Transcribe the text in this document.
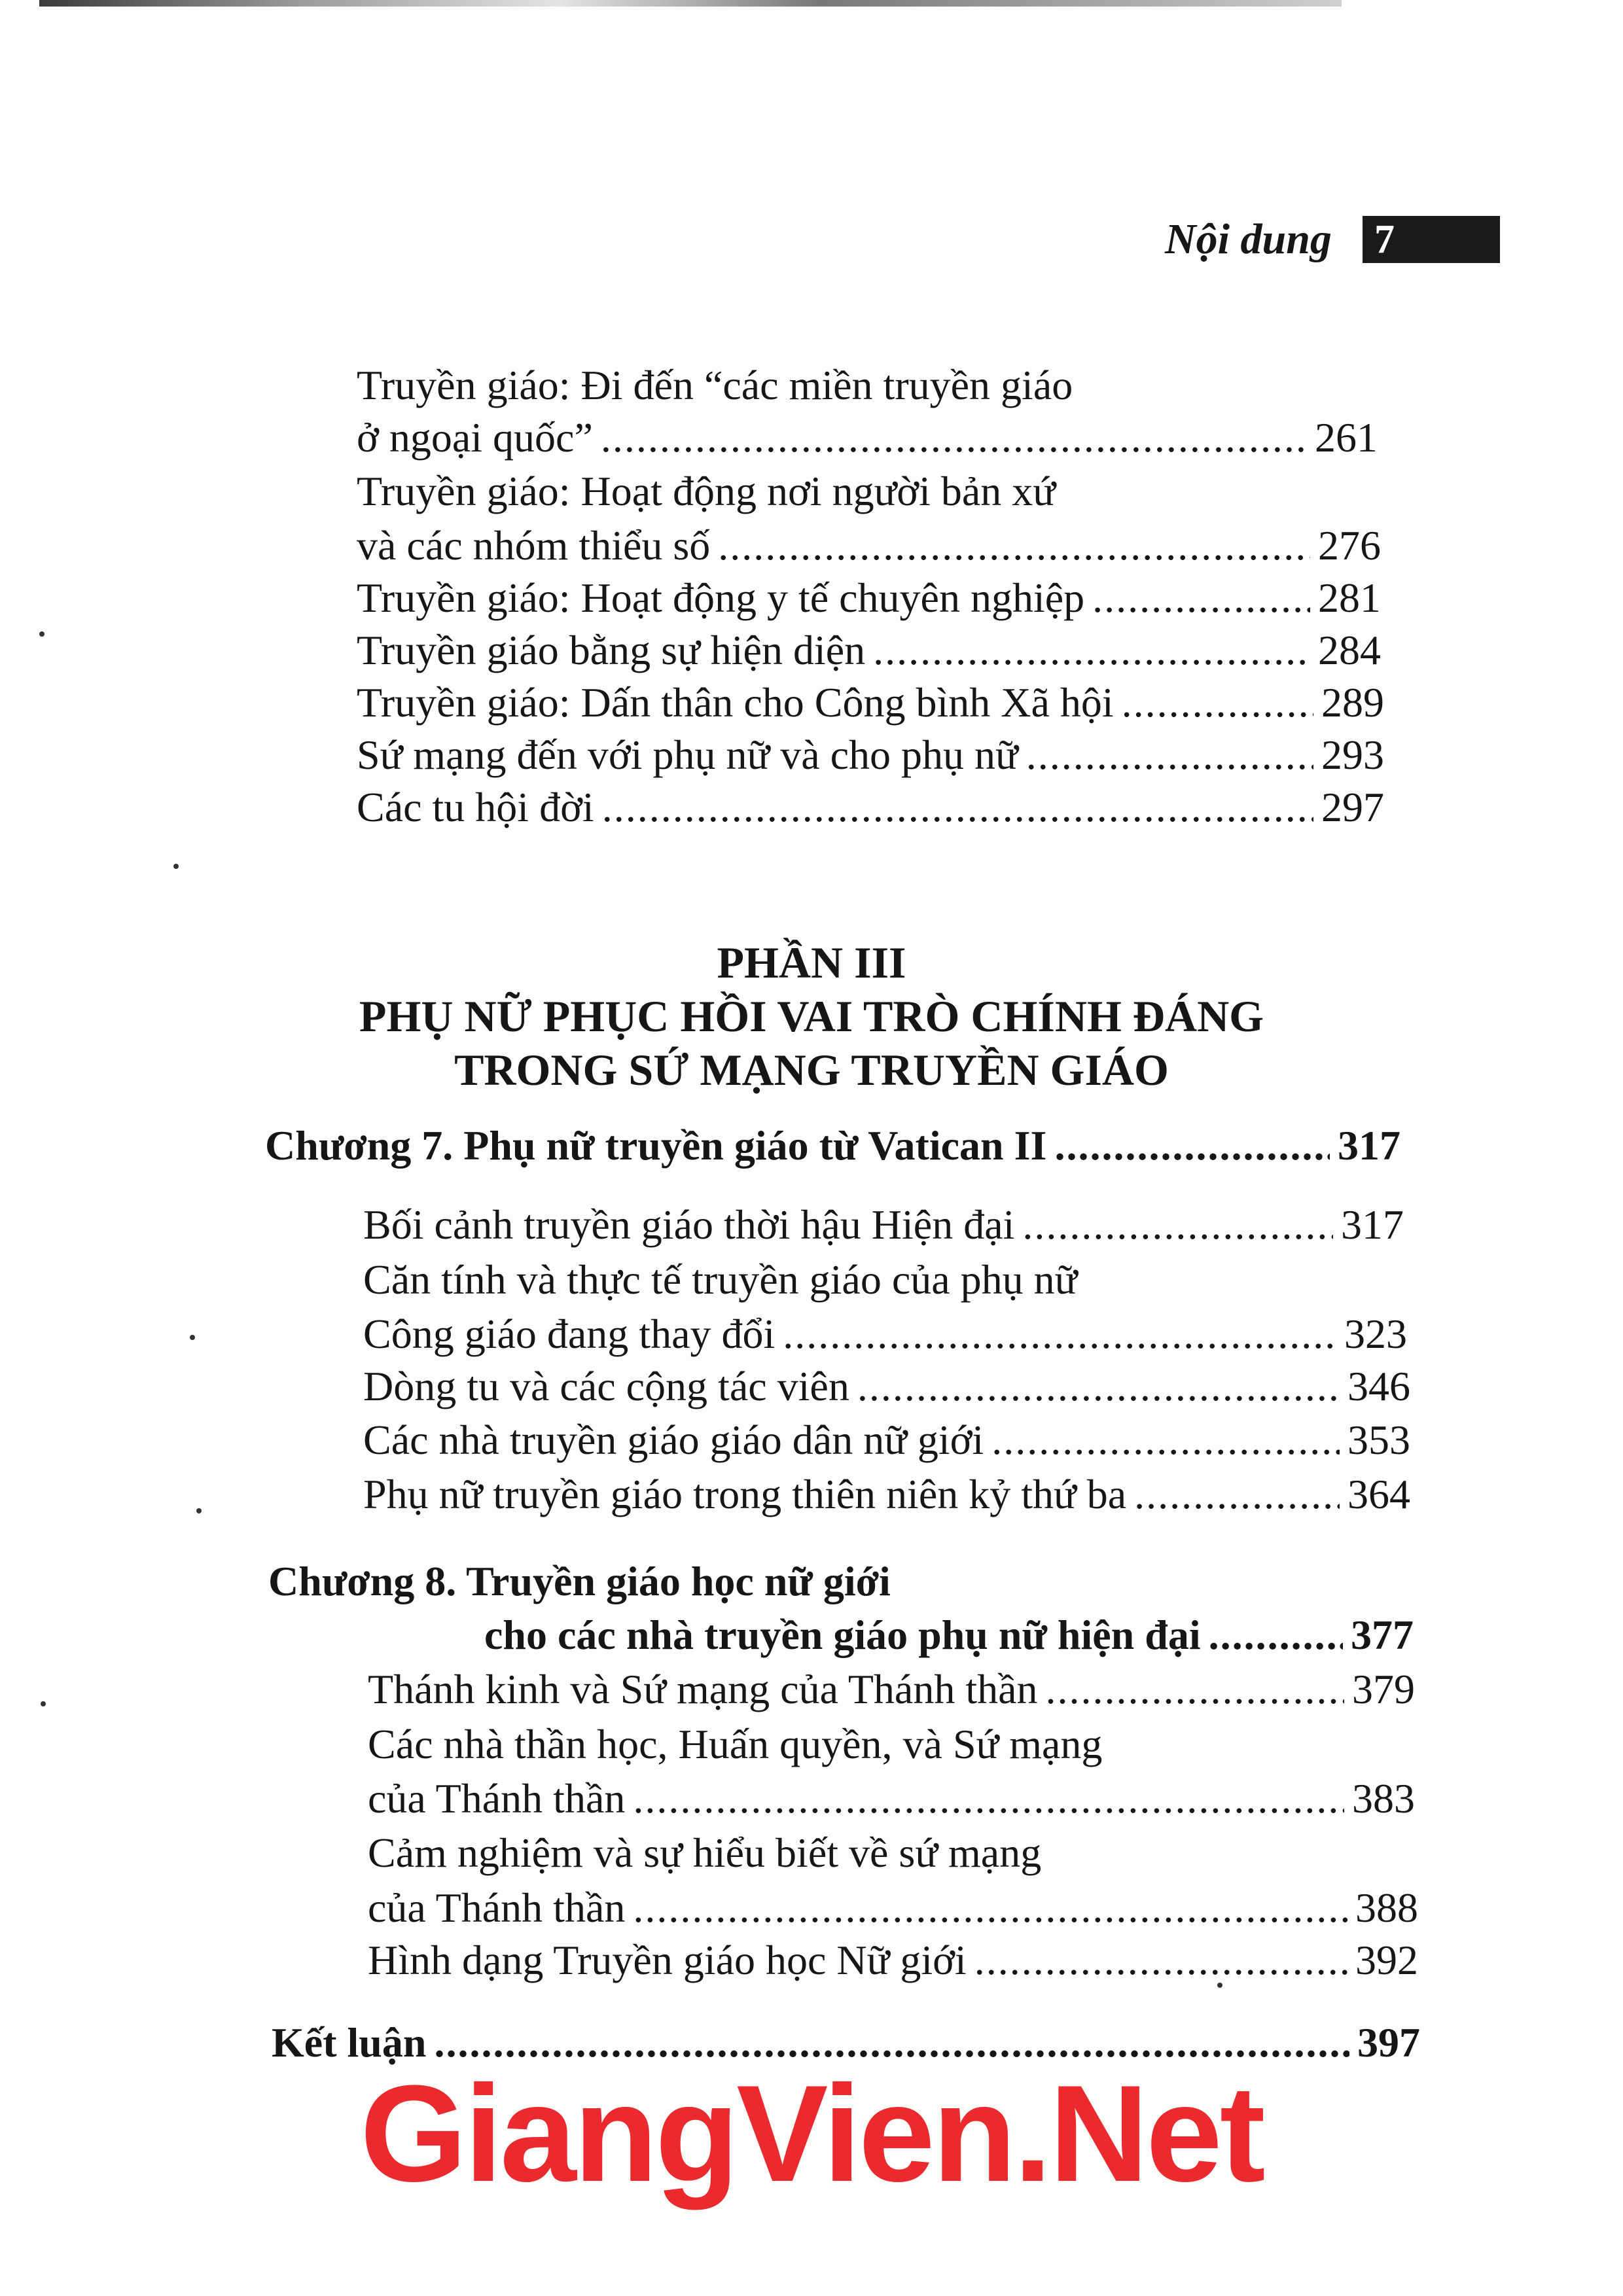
Nội dung 7
Truyền giáo: Đi đến “các miền truyền giáo
ở ngoại quốc” .....	261
Truyền giáo: Hoạt động nơi người bản xứ
và các nhóm thiểu số .....	276
Truyền giáo: Hoạt động y tế chuyên nghiệp .....	281
Truyền giáo bằng sự hiện diện .....	284
Truyền giáo: Dấn thân cho Công bình Xã hội .....	289
Sứ mạng đến với phụ nữ và cho phụ nữ .....	293
Các tu hội đời .....	297
PHẦN III
PHỤ NỮ PHỤC HỒI VAI TRÒ CHÍNH ĐÁNG
TRONG SỨ MẠNG TRUYỀN GIÁO
Chương 7. Phụ nữ truyền giáo từ Vatican II .....	317
Bối cảnh truyền giáo thời hậu Hiện đại .....	317
Căn tính và thực tế truyền giáo của phụ nữ
Công giáo đang thay đổi .....	323
Dòng tu và các cộng tác viên .....	346
Các nhà truyền giáo giáo dân nữ giới .....	353
Phụ nữ truyền giáo trong thiên niên kỷ thứ ba .....	364
Chương 8. Truyền giáo học nữ giới
cho các nhà truyền giáo phụ nữ hiện đại .....	377
Thánh kinh và Sứ mạng của Thánh thần .....	379
Các nhà thần học, Huấn quyền, và Sứ mạng
của Thánh thần .....	383
Cảm nghiệm và sự hiểu biết về sứ mạng
của Thánh thần .....	388
Hình dạng Truyền giáo học Nữ giới .....	392
Kết luận .....	397
GiangVien.Net
